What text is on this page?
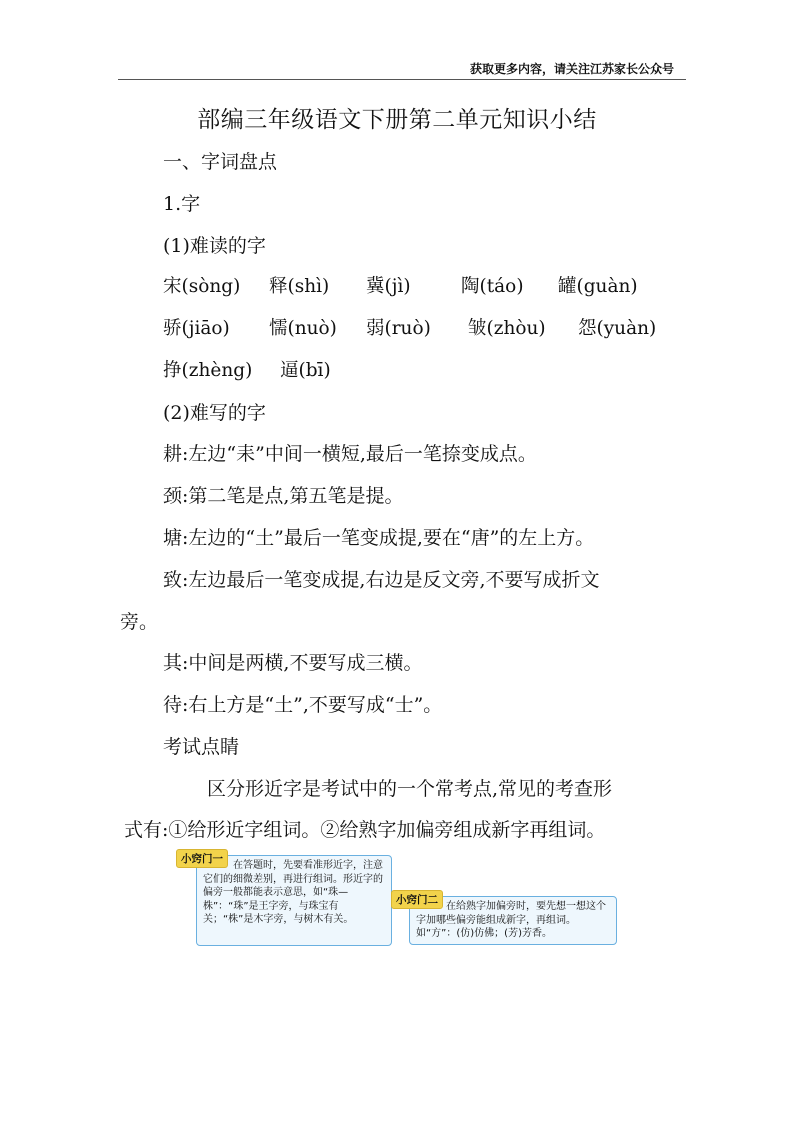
获取更多内容，请关注江苏家长公众号
部编三年级语文下册第二单元知识小结
一、字词盘点
1.字
(1)难读的字
宋(sòng) 释(shì) 冀(jì)	陶(táo) 罐(guàn)
骄(jiāo) 懦(nuò) 弱(ruò) 皱(zhòu) 怨(yuàn)
挣(zhèng) 逼(bī)
(2)难写的字
耕:左边“耒”中间一横短,最后一笔捺变成点。
颈:第二笔是点,第五笔是提。
塘:左边的“土”最后一笔变成提,要在“唐”的左上方。
致:左边最后一笔变成提,右边是反文旁,不要写成折文
旁。
其:中间是两横,不要写成三横。
待:右上方是“土”,不要写成“士”。
考试点睛
区分形近字是考试中的一个常考点,常见的考查形
式有:①给形近字组词。②给熟字加偏旁组成新字再组词。
在答题时，先要看准形近字，注意它们的细微差别，再进行组词。形近字的偏旁一般都能表示意思，如“珠—株”：“珠”是王字旁，与珠宝有关；“株”是木字旁，与树木有关。
小窍门一
在给熟字加偏旁时，要先想一想这个字加哪些偏旁能组成新字，再组词。如“方”：(仿)仿佛；(芳)芳香。
小窍门二
